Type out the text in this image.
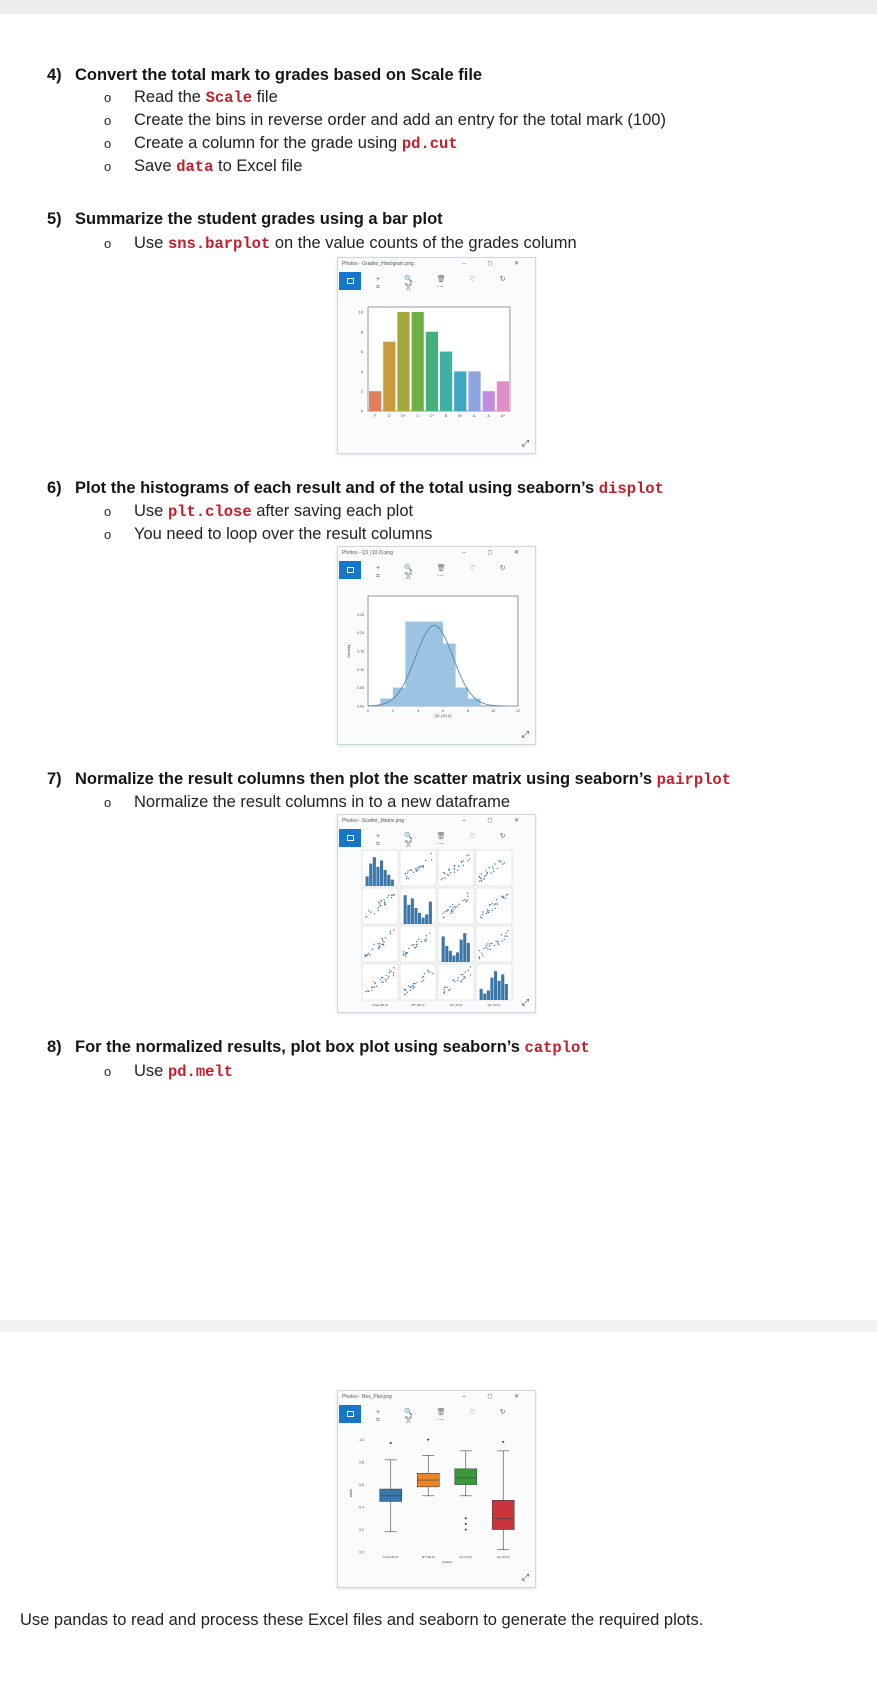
4) Convert the total mark to grades based on Scale file
o Read the Scale file
o Create the bins in reverse order and add an entry for the total mark (100)
o Create a column for the grade using pd.cut
o Save data to Excel file
5) Summarize the student grades using a bar plot
o Use sns.barplot on the value counts of the grades column
Photos - Grades_Histogram.png	– ◻ ✕
+ 🔍 🗑 ♡ ↻ ⌗ ✂ ⋯
0
2
4
6
8
10
F	D	D+	C	C+	B	B+	A-	A	A+
⤢
6) Plot the histograms of each result and of the total using seaborn’s displot
o Use plt.close after saving each plot
o You need to loop over the result columns
Photos - Q1 (10.0).png	– ◻ ✕
+ 🔍 🗑 ♡ ↻ ⌗ ✂ ⋯
0	2	4	6	8	10	12
0.00
0.05
0.10
0.15
0.20
0.25
Q1 (10.0)
Density
⤢
7) Normalize the result columns then plot the scatter matrix using seaborn’s pairplot
o Normalize the result columns in to a new dataframe
Photos - Scatter_Matrix.png	– ◻ ✕
+ 🔍 🗑 ♡ ↻ ⌗ ✂ ⋯
Final (50.0)	MT (30.0)	Q1 (10.0)	Q2 (10.0) ⤢
8) For the normalized results, plot box plot using seaborn’s catplot
o Use pd.melt
Photos - Box_Plot.png	– ◻ ✕
+ 🔍 🗑 ♡ ↻ ⌗ ✂ ⋯
0.0
0.2
0.4
0.6
0.8
1.0
Final (50.0)	MT (30.0)	Q1 (10.0)	Q2 (10.0)
variable
value
⤢
Use pandas to read and process these Excel files and seaborn to generate the required plots.
